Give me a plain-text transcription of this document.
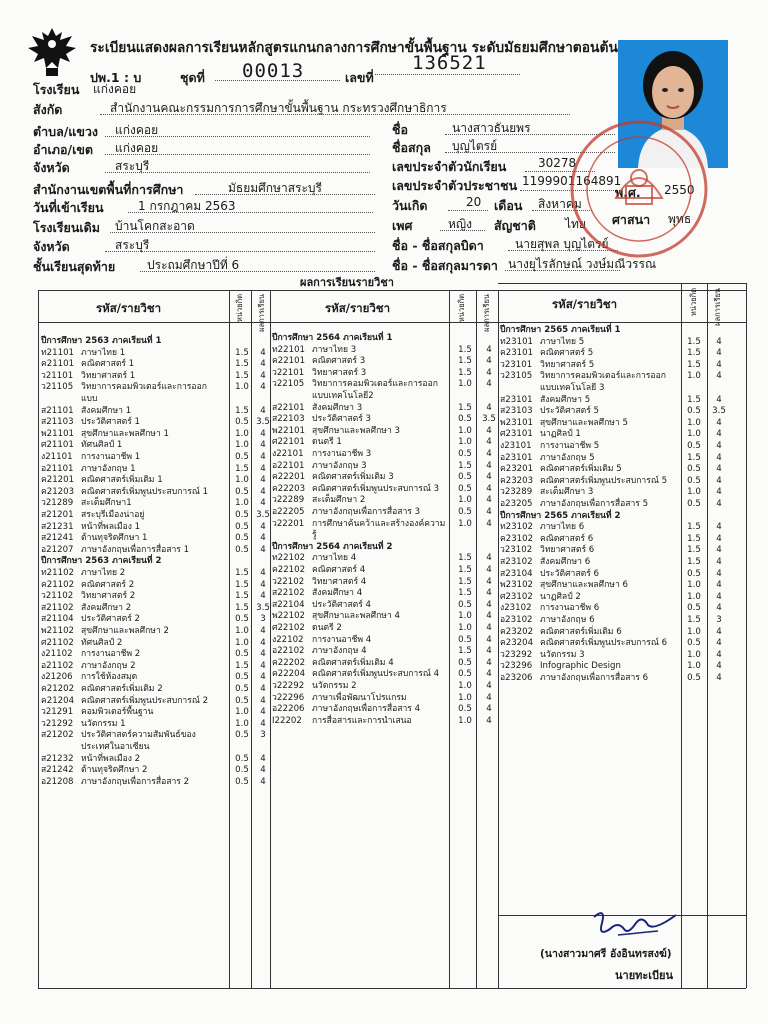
ระเบียนแสดงผลการเรียนหลักสูตรแกนกลางการศึกษาขั้นพื้นฐาน ระดับมัธยมศึกษาตอนต้น
ปพ.1 : บ	ชุดที่ 00013	เลขที่
136521
โรงเรียน แก่งคอย
สังกัด	สำนักงานคณะกรรมการการศึกษาขั้นพื้นฐาน กระทรวงศึกษาธิการ
ตำบล/แขวง แก่งคอย
อำเภอ/เขต แก่งคอย
จังหวัด	สระบุรี
สำนักงานเขตพื้นที่การศึกษา	มัธยมศึกษาสระบุรี
วันที่เข้าเรียน	1 กรกฎาคม 2563
โรงเรียนเดิม บ้านโคกสะอาด
จังหวัด	สระบุรี
ชั้นเรียนสุดท้าย	ประถมศึกษาปีที่ 6
ชื่อ	นางสาวธันยพร
ชื่อสกุล บุญไตรย์
เลขประจำตัวนักเรียน	30278
เลขประจำตัวประชาชน 1199901164891
วันเกิด	20 เดือน สิงหาคม
พ.ศ. 2550
เพศ	หญิง สัญชาติ ไทย ศาสนา พุทธ
ชื่อ - ชื่อสกุลบิดา	นายสุพล บุญไตรย์
ชื่อ - ชื่อสกุลมารดา นางยุไรลักษณ์ วงษ์มณีวรรณ
ผลการเรียนรายวิชา
รหัส/รายวิชา	หน่วยกิต ผลการเรียน	รหัส/รายวิชา	หน่วยกิต ผลการเรียน	รหัส/รายวิชา	หน่วยกิต ผลการเรียน
ปีการศึกษา 2563 ภาคเรียนที่ 1
ท21101 ภาษาไทย 1	1.5	4
ค21101 คณิตศาสตร์ 1	1.5	4
ว21101 วิทยาศาสตร์ 1	1.5	4
ว21105 วิทยาการคอมพิวเตอร์และการออก	1.0	4
แบบ
ส21101 สังคมศึกษา 1	1.5	4
ส21103 ประวัติศาสตร์ 1	0.5 3.5
พ21101 สุขศึกษาและพลศึกษา 1	1.0	4
ศ21101 ทัศนศิลป์ 1	1.0	4
ง21101 การงานอาชีพ 1	0.5	4
อ21101 ภาษาอังกฤษ 1	1.5	4
ค21201 คณิตศาสตร์เพิ่มเติม 1	1.0	4
ค21203 คณิตศาสตร์เพิ่มพูนประสบการณ์ 1	0.5	4
ว21289 สะเต็มศึกษา1	1.0	4
ส21201 สระบุรีเมืองน่าอยู่	0.5 3.5
ส21231 หน้าที่พลเมือง 1	0.5	4
ส21241 ต้านทุจริตศึกษา 1	0.5	4
อ21207 ภาษาอังกฤษเพื่อการสื่อสาร 1	0.5	4
ปีการศึกษา 2563 ภาคเรียนที่ 2
ท21102 ภาษาไทย 2	1.5	4
ค21102 คณิตศาสตร์ 2	1.5	4
ว21102 วิทยาศาสตร์ 2	1.5	4
ส21102 สังคมศึกษา 2	1.5 3.5
ส21104 ประวัติศาสตร์ 2	0.5	3
พ21102 สุขศึกษาและพลศึกษา 2	1.0	4
ศ21102 ทัศนศิลป์ 2	1.0	4
ง21102 การงานอาชีพ 2	0.5	4
อ21102 ภาษาอังกฤษ 2	1.5	4
ง21206 การใช้ห้องสมุด	0.5	4
ค21202 คณิตศาสตร์เพิ่มเติม 2	0.5	4
ค21204 คณิตศาสตร์เพิ่มพูนประสบการณ์ 2	0.5	4
ว21291 คอมพิวเตอร์พื้นฐาน	1.0	4
ว21292 นวัตกรรม 1	1.0	4
ส21202 ประวัติศาสตร์ความสัมพันธ์ของ	0.5	3
ประเทศในอาเซียน
ส21232 หน้าที่พลเมือง 2	0.5	4
ส21242 ต้านทุจริตศึกษา 2	0.5	4
อ21208 ภาษาอังกฤษเพื่อการสื่อสาร 2	0.5	4
ปีการศึกษา 2564 ภาคเรียนที่ 1
ท22101 ภาษาไทย 3	1.5	4
ค22101 คณิตศาสตร์ 3	1.5	4
ว22101 วิทยาศาสตร์ 3	1.5	4
ว22105 วิทยาการคอมพิวเตอร์และการออก	1.0	4
แบบเทคโนโลยี2
ส22101 สังคมศึกษา 3	1.5	4
ส22103 ประวัติศาสตร์ 3	0.5	3.5
พ22101 สุขศึกษาและพลศึกษา 3	1.0	4
ศ22101 ดนตรี 1	1.0	4
ง22101 การงานอาชีพ 3	0.5	4
อ22101 ภาษาอังกฤษ 3	1.5	4
ค22201 คณิตศาสตร์เพิ่มเติม 3	0.5	4
ค22203 คณิตศาสตร์เพิ่มพูนประสบการณ์ 3	0.5	4
ว22289 สะเต็มศึกษา 2	1.0	4
อ22205 ภาษาอังกฤษเพื่อการสื่อสาร 3	0.5	4
ว22201 การศึกษาค้นคว้าและสร้างองค์ความ	1.0	4
รู้
ปีการศึกษา 2564 ภาคเรียนที่ 2
ท22102 ภาษาไทย 4	1.5	4
ค22102 คณิตศาสตร์ 4	1.5	4
ว22102 วิทยาศาสตร์ 4	1.5	4
ส22102 สังคมศึกษา 4	1.5	4
ส22104 ประวัติศาสตร์ 4	0.5	4
พ22102 สุขศึกษาและพลศึกษา 4	1.0	4
ศ22102 ดนตรี 2	1.0	4
ง22102 การงานอาชีพ 4	0.5	4
อ22102 ภาษาอังกฤษ 4	1.5	4
ค22202 คณิตศาสตร์เพิ่มเติม 4	0.5	4
ค22204 คณิตศาสตร์เพิ่มพูนประสบการณ์ 4	0.5	4
ว22292 นวัตกรรม 2	1.0	4
ว22296 ภาษาเพื่อพัฒนาโปรแกรม	1.0	4
อ22206 ภาษาอังกฤษเพื่อการสื่อสาร 4	0.5	4
I22202 การสื่อสารและการนำเสนอ	1.0	4
ปีการศึกษา 2565 ภาคเรียนที่ 1
ท23101 ภาษาไทย 5	1.5	4
ค23101 คณิตศาสตร์ 5	1.5	4
ว23101 วิทยาศาสตร์ 5	1.5	4
ว23105 วิทยาการคอมพิวเตอร์และการออก	1.0	4
แบบเทคโนโลยี 3
ส23101 สังคมศึกษา 5	1.5	4
ส23103 ประวัติศาสตร์ 5	0.5	3.5
พ23101 สุขศึกษาและพลศึกษา 5	1.0	4
ศ23101 นาฏศิลป์ 1	1.0	4
ง23101 การงานอาชีพ 5	0.5	4
อ23101 ภาษาอังกฤษ 5	1.5	4
ค23201 คณิตศาสตร์เพิ่มเติม 5	0.5	4
ค23203 คณิตศาสตร์เพิ่มพูนประสบการณ์ 5	0.5	4
ว23289 สะเต็มศึกษา 3	1.0	4
อ23205 ภาษาอังกฤษเพื่อการสื่อสาร 5	0.5	4
ปีการศึกษา 2565 ภาคเรียนที่ 2
ท23102 ภาษาไทย 6	1.5	4
ค23102 คณิตศาสตร์ 6	1.5	4
ว23102 วิทยาศาสตร์ 6	1.5	4
ส23102 สังคมศึกษา 6	1.5	4
ส23104 ประวัติศาสตร์ 6	0.5	4
พ23102 สุขศึกษาและพลศึกษา 6	1.0	4
ศ23102 นาฏศิลป์ 2	1.0	4
ง23102 การงานอาชีพ 6	0.5	4
อ23102 ภาษาอังกฤษ 6	1.5	3
ค23202 คณิตศาสตร์เพิ่มเติม 6	1.0	4
ค23204 คณิตศาสตร์เพิ่มพูนประสบการณ์ 6	0.5	4
ว23292 นวัตกรรม 3	1.0	4
ว23296 Infographic Design	1.0	4
อ23206 ภาษาอังกฤษเพื่อการสื่อสาร 6	0.5	4
(นางสาวมาศรี อังอินทรสงฆ์)
นายทะเบียน
